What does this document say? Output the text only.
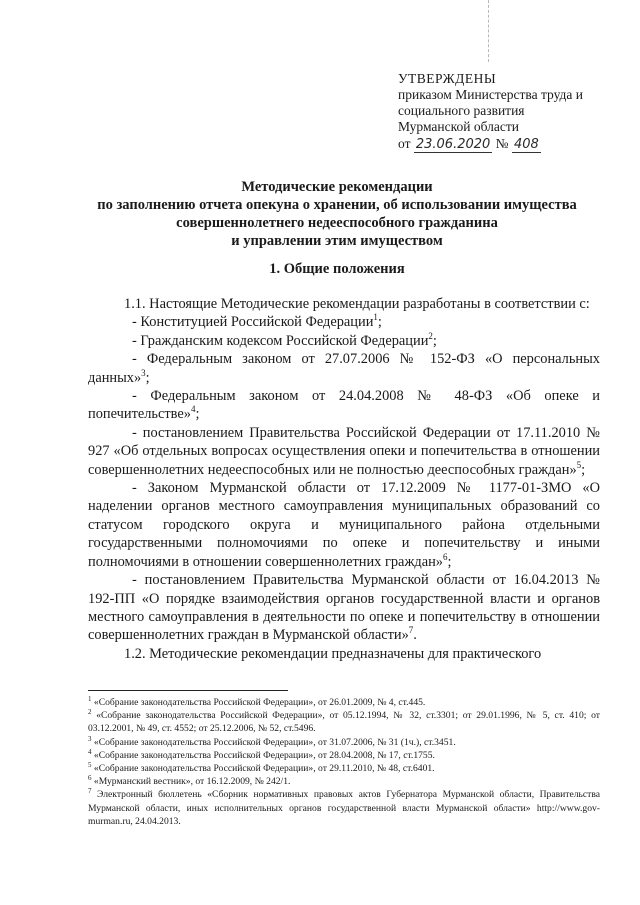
УТВЕРЖДЕНЫ
приказом Министерства труда и
социального развития
Мурманской области
от 23.06.2020 № 408
Методические рекомендации
по заполнению отчета опекуна о хранении, об использовании имущества
совершеннолетнего недееспособного гражданина
и управлении этим имуществом
1. Общие положения

1.1. Настоящие Методические рекомендации разработаны в соответствии с:

- Конституцией Российской Федерации$^1$;

- Гражданским кодексом Российской Федерации$^2$;

- Федеральным законом от 27.07.2006 № 152-ФЗ «О персональных данных»$^3$;

- Федеральным законом от 24.04.2008 № 48-ФЗ «Об опеке и попечительстве»$^4$;

- постановлением Правительства Российской Федерации от 17.11.2010 № 927 «Об отдельных вопросах осуществления опеки и попечительства в отношении совершеннолетних недееспособных или не полностью дееспособных граждан»$^5$;

- Законом Мурманской области от 17.12.2009 № 1177-01-ЗМО «О наделении органов местного самоуправления муниципальных образований со статусом городского округа и муниципального района отдельными государственными полномочиями по опеке и попечительству и иными полномочиями в отношении совершеннолетних граждан»$^6$;

- постановлением Правительства Мурманской области от 16.04.2013 № 192-ПП «О порядке взаимодействия органов государственной власти и органов местного самоуправления в деятельности по опеке и попечительству в отношении совершеннолетних граждан в Мурманской области»$^7$.

1.2. Методические рекомендации предназначены для практического

$^1$ «Собрание законодательства Российской Федерации», от 26.01.2009, № 4, ст.445.

$^2$ «Собрание законодательства Российской Федерации», от 05.12.1994, № 32, ст.3301; от 29.01.1996, № 5, ст. 410; от 03.12.2001, № 49, ст. 4552; от 25.12.2006, № 52, ст.5496.

$^3$ «Собрание законодательства Российской Федерации», от 31.07.2006, № 31 (1ч.), ст.3451.

$^4$ «Собрание законодательства Российской Федерации», от 28.04.2008, № 17, ст.1755.

$^5$ «Собрание законодательства Российской Федерации», от 29.11.2010, № 48, ст.6401.

$^6$ «Мурманский вестник», от 16.12.2009, № 242/1.

$^7$ Электронный бюллетень «Сборник нормативных правовых актов Губернатора Мурманской области, Правительства Мурманской области, иных исполнительных органов государственной власти Мурманской области» http://www.gov-murman.ru, 24.04.2013.
